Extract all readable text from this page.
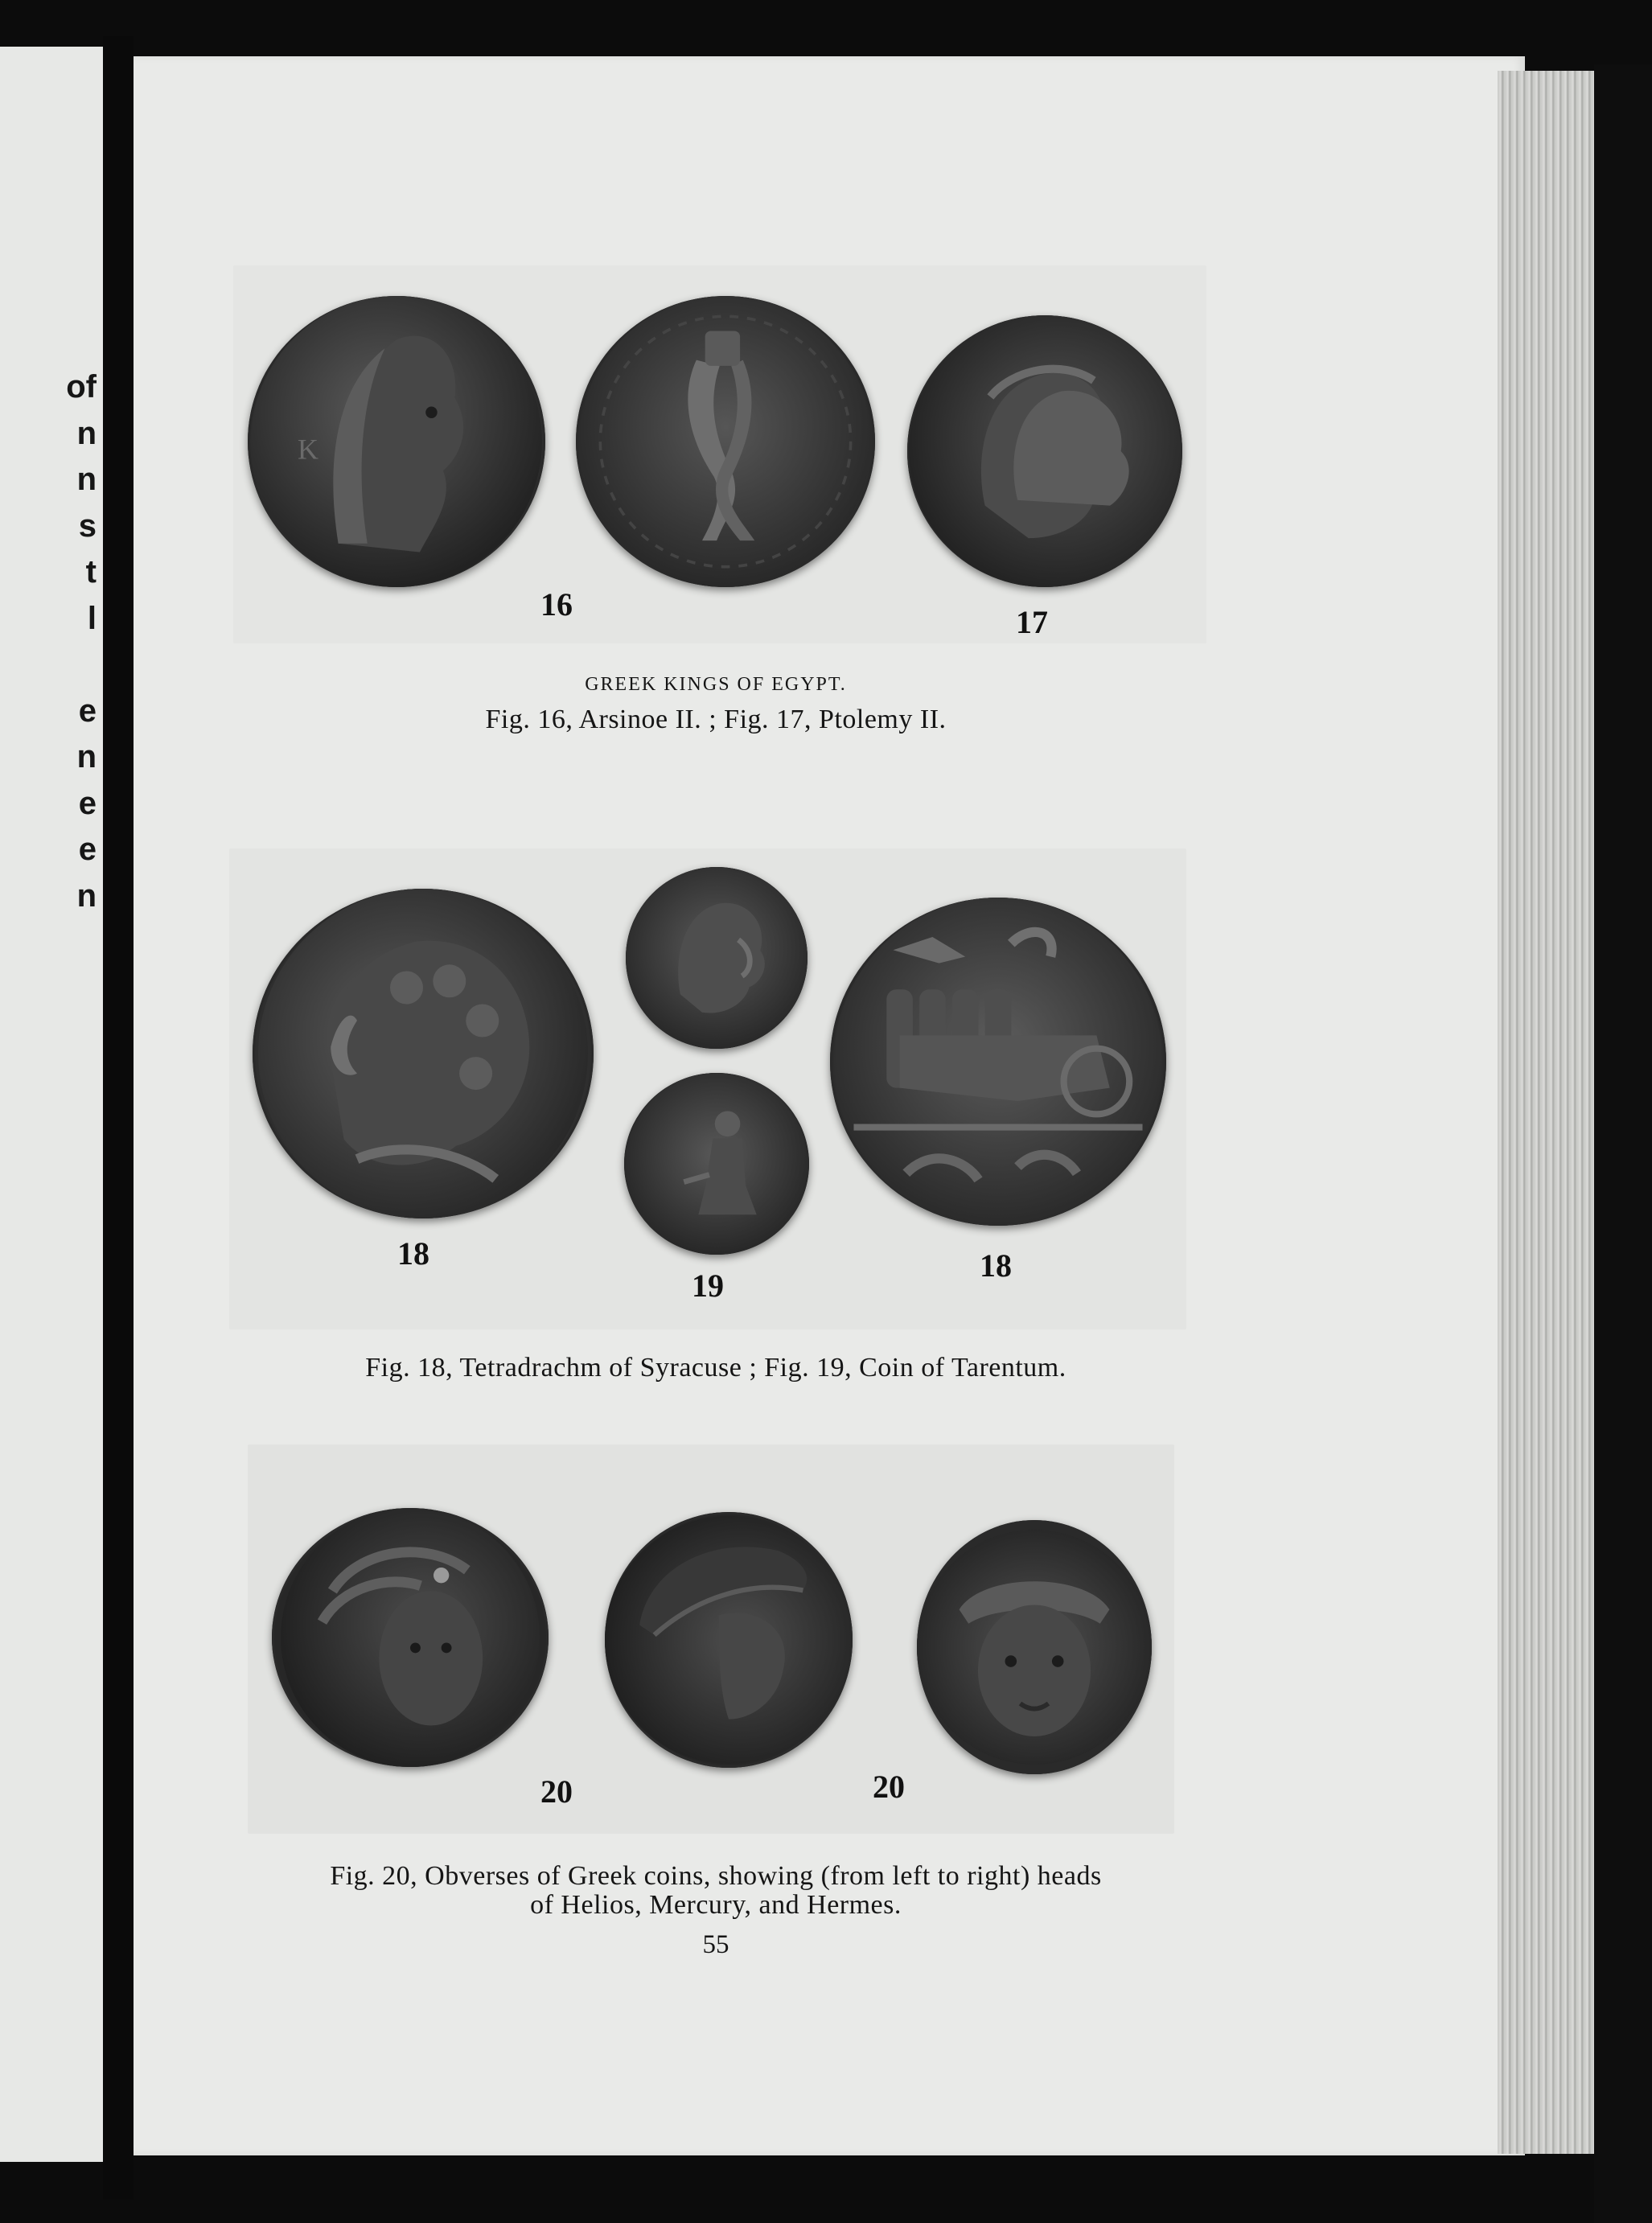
of
n
n
s
t
l

e
n
e
e
n
K
16	17
GREEK KINGS OF EGYPT.
Fig. 16, Arsinoe II. ; Fig. 17, Ptolemy II.
18
19
18
Fig. 18, Tetradrachm of Syracuse ; Fig. 19, Coin of Tarentum.
20	20
Fig. 20, Obverses of Greek coins, showing (from left to right) heads
of Helios, Mercury, and Hermes.
55
